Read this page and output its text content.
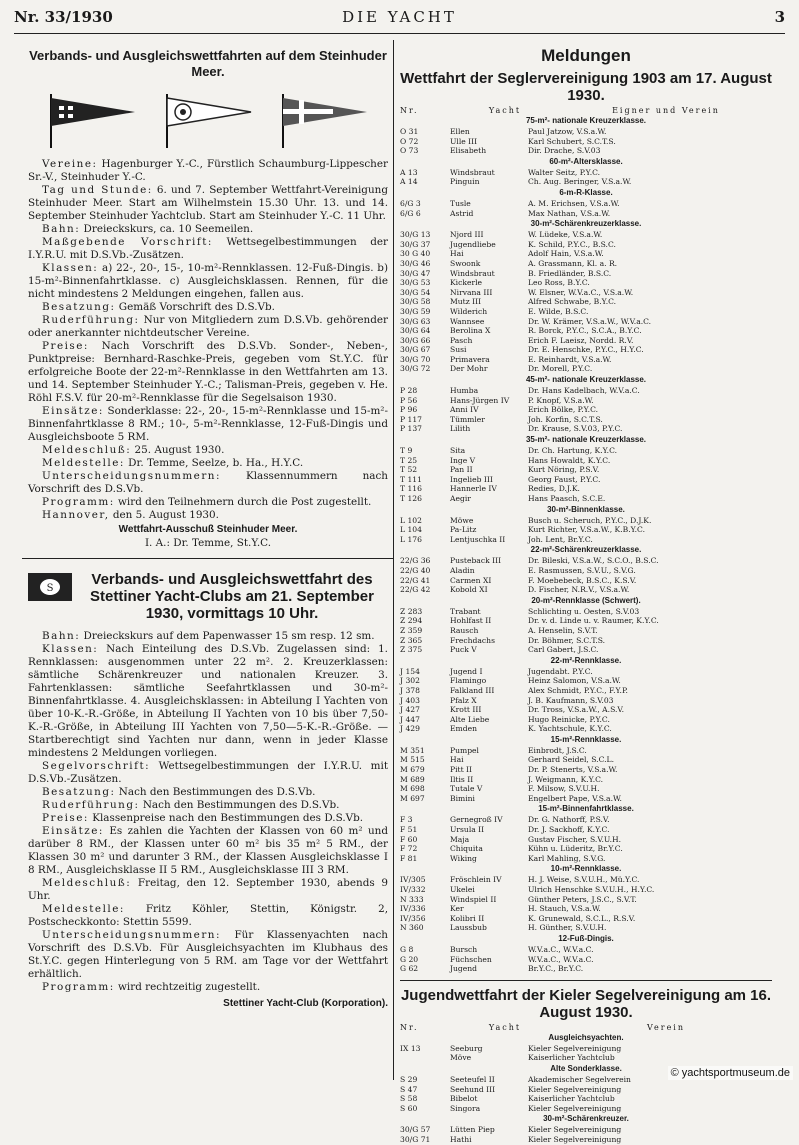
Nr. 33/1930	DIE YACHT	3
Verbands- und Ausgleichswettfahrten auf dem Steinhuder Meer.

Vereine: Hagenburger Y.-C., Fürstlich Schaumburg-Lippescher Sr.-V., Steinhuder Y.-C.

Tag und Stunde: 6. und 7. September Wettfahrt-Vereinigung Steinhuder Meer. Start am Wilhelmstein 15.30 Uhr. 13. und 14. September Steinhuder Yachtclub. Start am Steinhuder Y.-C. 11 Uhr.

Bahn: Dreieckskurs, ca. 10 Seemeilen.

Maßgebende Vorschrift: Wettsegelbestimmungen der I.Y.R.U. mit D.S.Vb.-Zusätzen.

Klassen: a) 22-, 20-, 15-, 10-m²-Rennklassen. 12-Fuß-Dingis. b) 15-m²-Binnenfahrtklasse. c) Ausgleichsklassen. Rennen, für die nicht mindestens 2 Meldungen eingehen, fallen aus.

Besatzung: Gemäß Vorschrift des D.S.Vb.

Ruderführung: Nur von Mitgliedern zum D.S.Vb. gehörender oder anerkannter nichtdeutscher Vereine.

Preise: Nach Vorschrift des D.S.Vb. Sonder-, Neben-, Punktpreise: Bernhard-Raschke-Preis, gegeben vom St.Y.C. für erfolgreiche Boote der 22-m²-Rennklasse in den Wettfahrten am 13. und 14. September Steinhuder Y.-C.; Talisman-Preis, gegeben v. He. Röhl F.S.V. für 20-m²-Rennklasse für die Segelsaison 1930.

Einsätze: Sonderklasse: 22-, 20-, 15-m²-Rennklasse und 15-m²-Binnenfahrtklasse 8 RM.; 10-, 5-m²-Rennklasse, 12-Fuß-Dingis und Ausgleichsboote 5 RM.

Meldeschluß: 25. August 1930.

Meldestelle: Dr. Temme, Seelze, b. Ha., H.Y.C.

Unterscheidungsnummern: Klassennummern nach Vorschrift des D.S.Vb.

Programm: wird den Teilnehmern durch die Post zugestellt.

Hannover, den 5. August 1930.

Wettfahrt-Ausschuß Steinhuder Meer.
I. A.: Dr. Temme, St.Y.C.
S
Verbands- und Ausgleichswettfahrt des Stettiner Yacht-Clubs am 21. September 1930, vormittags 10 Uhr.

Bahn: Dreieckskurs auf dem Papenwasser 15 sm resp. 12 sm.

Klassen: Nach Einteilung des D.S.Vb. Zugelassen sind: 1. Rennklassen: ausgenommen unter 22 m². 2. Kreuzerklassen: sämtliche Schärenkreuzer und nationalen Kreuzer. 3. Fahrtenklassen: sämtliche Seefahrtklassen und 30-m²-Binnenfahrtklasse. 4. Ausgleichsklassen: in Abteilung I Yachten von über 10-K.-R.-Größe, in Abteilung II Yachten von 10 bis über 7,50-K.-R.-Größe, in Abteilung III Yachten von 7,50—5-K.-R.-Größe. — Startberechtigt sind Yachten nur dann, wenn in jeder Klasse mindestens 2 Meldungen vorliegen.

Segelvorschrift: Wettsegelbestimmungen der I.Y.R.U. mit D.S.Vb.-Zusätzen.

Besatzung: Nach den Bestimmungen des D.S.Vb.

Ruderführung: Nach den Bestimmungen des D.S.Vb.

Preise: Klassenpreise nach den Bestimmungen des D.S.Vb.

Einsätze: Es zahlen die Yachten der Klassen von 60 m² und darüber 8 RM., der Klassen unter 60 m² bis 35 m² 5 RM., der Klassen 30 m² und darunter 3 RM., der Klassen Ausgleichsklasse I 8 RM., Ausgleichsklasse II 5 RM., Ausgleichsklasse III 3 RM.

Meldeschluß: Freitag, den 12. September 1930, abends 9 Uhr.

Meldestelle: Fritz Köhler, Stettin, Königstr. 2, Postscheckkonto: Stettin 5599.

Unterscheidungsnummern: Für Klassenyachten nach Vorschrift des D.S.Vb. Für Ausgleichsyachten im Klubhaus des St.Y.C. gegen Hinterlegung von 5 RM. am Tage vor der Wettfahrt erhältlich.

Programm: wird rechtzeitig zugestellt.

Stettiner Yacht-Club (Korporation).
Meldungen
Wettfahrt der Seglervereinigung 1903 am 17. August 1930.
Nr.	Yacht	Eigner und Verein
75-m²- nationale Kreuzerklasse.
O 31	Ellen	Paul Jatzow, V.S.a.W.
O 72	Ulle III	Karl Schubert, S.C.T.S.
O 73	Elisabeth	Dir. Drache, S.V.03
60-m²-Altersklasse.
A 13	Windsbraut	Walter Seitz, P.Y.C.
A 14	Pinguin	Ch. Aug. Beringer, V.S.a.W.
6-m-R-Klasse.
6/G 3	Tusle	A. M. Erichsen, V.S.a.W.
6/G 6	Astrid	Max Nathan, V.S.a.W.
30-m²-Schärenkreuzerklasse.
30/G 13	Njord III	W. Lüdeke, V.S.a.W.
30/G 37	Jugendliebe	K. Schild, P.Y.C., B.S.C.
30 G 40	Hai	Adolf Hain, V.S.a.W.
30/G 46	Swoonk	A. Grassmann, Kl. a. R.
30/G 47	Windsbraut	B. Friedländer, B.S.C.
30/G 53	Kickerle	Leo Ross, B.Y.C.
30/G 54	Nirvana III	W. Elsner, W.V.a.C., V.S.a.W.
30/G 58	Mutz III	Alfred Schwabe, B.Y.C.
30/G 59	Wilderich	E. Wilde, B.S.C.
30/G 63	Wannsee	Dr. W. Krämer, V.S.a.W., W.V.a.C.
30/G 64	Berolina X	R. Borck, P.Y.C., S.C.A., B.Y.C.
30/G 66	Pasch	Erich F. Laeisz, Nordd. R.V.
30/G 67	Susi	Dr. E. Henschke, P.Y.C., H.Y.C.
30/G 70	Primavera	E. Reinhardt, V.S.a.W.
30/G 72	Der Mohr	Dr. Morell, P.Y.C.
45-m²- nationale Kreuzerklasse.
P 28	Humba	Dr. Hans Kadelbach, W.V.a.C.
P 56	Hans-Jürgen IV	P. Knopf, V.S.a.W.
P 96	Anni IV	Erich Bölke, P.Y.C.
P 117	Tümmler	Joh. Korfin, S.C.T.S.
P 137	Lilith	Dr. Krause, S.V.03, P.Y.C.
35-m²- nationale Kreuzerklasse.
T 9	Sita	Dr. Ch. Hartung, K.Y.C.
T 25	Inge V	Hans Howaldt, K.Y.C.
T 52	Pan II	Kurt Nöring, P.S.V.
T 111	Ingelieb III	Georg Faust, P.Y.C.
T 116	Hannerle IV	Redies, D.J.K.
T 126	Aegir	Hans Paasch, S.C.E.
30-m²-Binnenklasse.
L 102	Möwe	Busch u. Scheruch, P.Y.C., D.J.K.
L 104	Pa-Litz	Kurt Richter, V.S.a.W., K.B.Y.C.
L 176	Lentjuschka II	Joh. Lent, Br.Y.C.
22-m²-Schärenkreuzerklasse.
22/G 36	Pusteback III	Dr. Bileski, V.S.a.W., S.C.O., B.S.C.
22/G 40	Aladin	E. Rasmussen, S.V.U., S.V.G.
22/G 41	Carmen XI	F. Moebebeck, B.S.C., K.S.V.
22/G 42	Kobold XI	D. Fischer, N.R.V., V.S.a.W.
20-m²-Rennklasse (Schwert).
Z 283	Trabant	Schlichting u. Oesten, S.V.03
Z 294	Hohlfast II	Dr. v. d. Linde u. v. Raumer, K.Y.C.
Z 359	Rausch	A. Henselin, S.V.T.
Z 365	Frechdachs	Dr. Böhmer, S.C.T.S.
Z 375	Puck V	Carl Gabert, J.S.C.
22-m²-Rennklasse.
J 154	Jugend I	Jugendabt. P.Y.C.
J 302	Flamingo	Heinz Salomon, V.S.a.W.
J 378	Falkland III	Alex Schmidt, P.Y.C., F.Y.P.
J 403	Pfalz X	J. B. Kaufmann, S.V.03
J 427	Krott III	Dr. Tross, V.S.a.W., A.S.V.
J 447	Alte Liebe	Hugo Reinicke, P.Y.C.
J 429	Emden	K. Yachtschule, K.Y.C.
15-m²-Rennklasse.
M 351	Pumpel	Einbrodt, J.S.C.
M 515	Hai	Gerhard Seidel, S.C.L.
M 679	Pitt II	Dr. P. Stenerts, V.S.a.W.
M 689	Iltis II	J. Weigmann, K.Y.C.
M 698	Tutale V	F. Milsow, S.V.U.H.
M 697	Bimini	Engelbert Pape, V.S.a.W.
15-m²-Binnenfahrtklasse.
F 3	Gernegroß IV	Dr. G. Nathorff, P.S.V.
F 51	Ursula II	Dr. J. Sackhoff, K.Y.C.
F 60	Maja	Gustav Fischer, S.V.U.H.
F 72	Chiquita	Kühn u. Lüderitz, Br.Y.C.
F 81	Wiking	Karl Mahling, S.V.G.
10-m²-Rennklasse.
IV/305	Fröschlein IV	H. J. Weise, S.V.U.H., Mü.Y.C.
IV/332	Ukelei	Ulrich Henschke S.V.U.H., H.Y.C.
N 333	Windspiel II	Günther Peters, J.S.C., S.V.T.
IV/336	Ker	H. Stauch, V.S.a.W.
IV/356	Kolibri II	K. Grunewald, S.C.L., R.S.V.
N 360	Laussbub	H. Günther, S.V.U.H.
12-Fuß-Dingis.
G 8	Bursch	W.V.a.C., W.V.a.C.
G 20	Füchschen	W.V.a.C., W.V.a.C.
G 62	Jugend	Br.Y.C., Br.Y.C.
Jugendwettfahrt der Kieler Segelvereinigung am 16. August 1930.
Nr.	Yacht	Verein
Ausgleichsyachten.
IX 13	Seeburg	Kieler Segelvereinigung
Möve	Kaiserlicher Yachtclub
Alte Sonderklasse.
S 29	Seeteufel II	Akademischer Segelverein
S 47	Seehund III	Kieler Segelvereinigung
S 58	Bibelot	Kaiserlicher Yachtclub
S 60	Singora	Kieler Segelvereinigung
30-m²-Schärenkreuzer.
30/G 57	Lütten Piep	Kieler Segelvereinigung
30/G 71	Hathi	Kieler Segelvereinigung
© yachtsportmuseum.de
